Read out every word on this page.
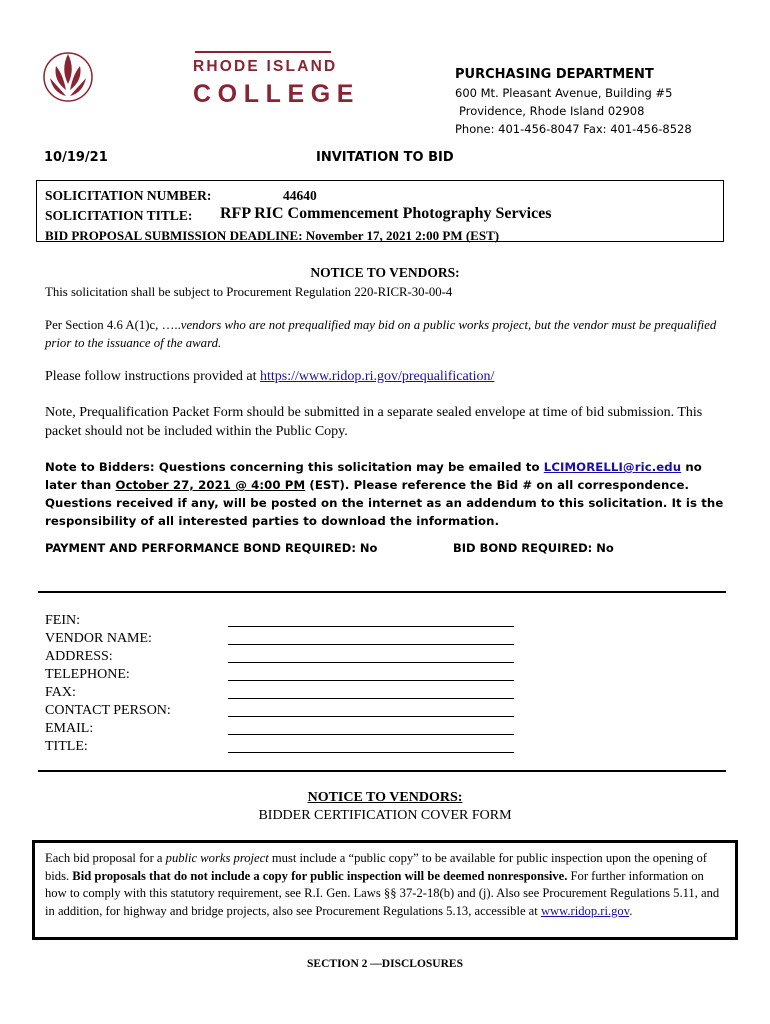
RHODE ISLAND
COLLEGE
PURCHASING DEPARTMENT
600 Mt. Pleasant Avenue, Building #5
Providence, Rhode Island 02908
Phone: 401-456-8047 Fax: 401-456-8528
10/19/21	INVITATION TO BID
SOLICITATION NUMBER:	44640
SOLICITATION TITLE: RFP RIC Commencement Photography Services
BID PROPOSAL SUBMISSION DEADLINE: November 17, 2021 2:00 PM (EST)
NOTICE TO VENDORS:
This solicitation shall be subject to Procurement Regulation 220-RICR-30-00-4
Per Section 4.6 A(1)c, …..vendors who are not prequalified may bid on a public works project, but the vendor must be prequalified prior to the issuance of the award.
Please follow instructions provided at https://www.ridop.ri.gov/prequalification/
Note, Prequalification Packet Form should be submitted in a separate sealed envelope at time of bid submission. This packet should not be included within the Public Copy.
Note to Bidders: Questions concerning this solicitation may be emailed to LCIMORELLI@ric.edu no later than October 27, 2021 @ 4:00 PM (EST). Please reference the Bid # on all correspondence. Questions received if any, will be posted on the internet as an addendum to this solicitation. It is the responsibility of all interested parties to download the information.
PAYMENT AND PERFORMANCE BOND REQUIRED: No	BID BOND REQUIRED: No
FEIN:
VENDOR NAME:
ADDRESS:
TELEPHONE:
FAX:
CONTACT PERSON:
EMAIL:
TITLE:
NOTICE TO VENDORS:
BIDDER CERTIFICATION COVER FORM
Each bid proposal for a public works project must include a “public copy” to be available for public inspection upon the opening of bids. Bid proposals that do not include a copy for public inspection will be deemed nonresponsive. For further information on how to comply with this statutory requirement, see R.I. Gen. Laws §§ 37-2-18(b) and (j). Also see Procurement Regulations 5.11, and in addition, for highway and bridge projects, also see Procurement Regulations 5.13, accessible at www.ridop.ri.gov.
SECTION 2 —DISCLOSURES
